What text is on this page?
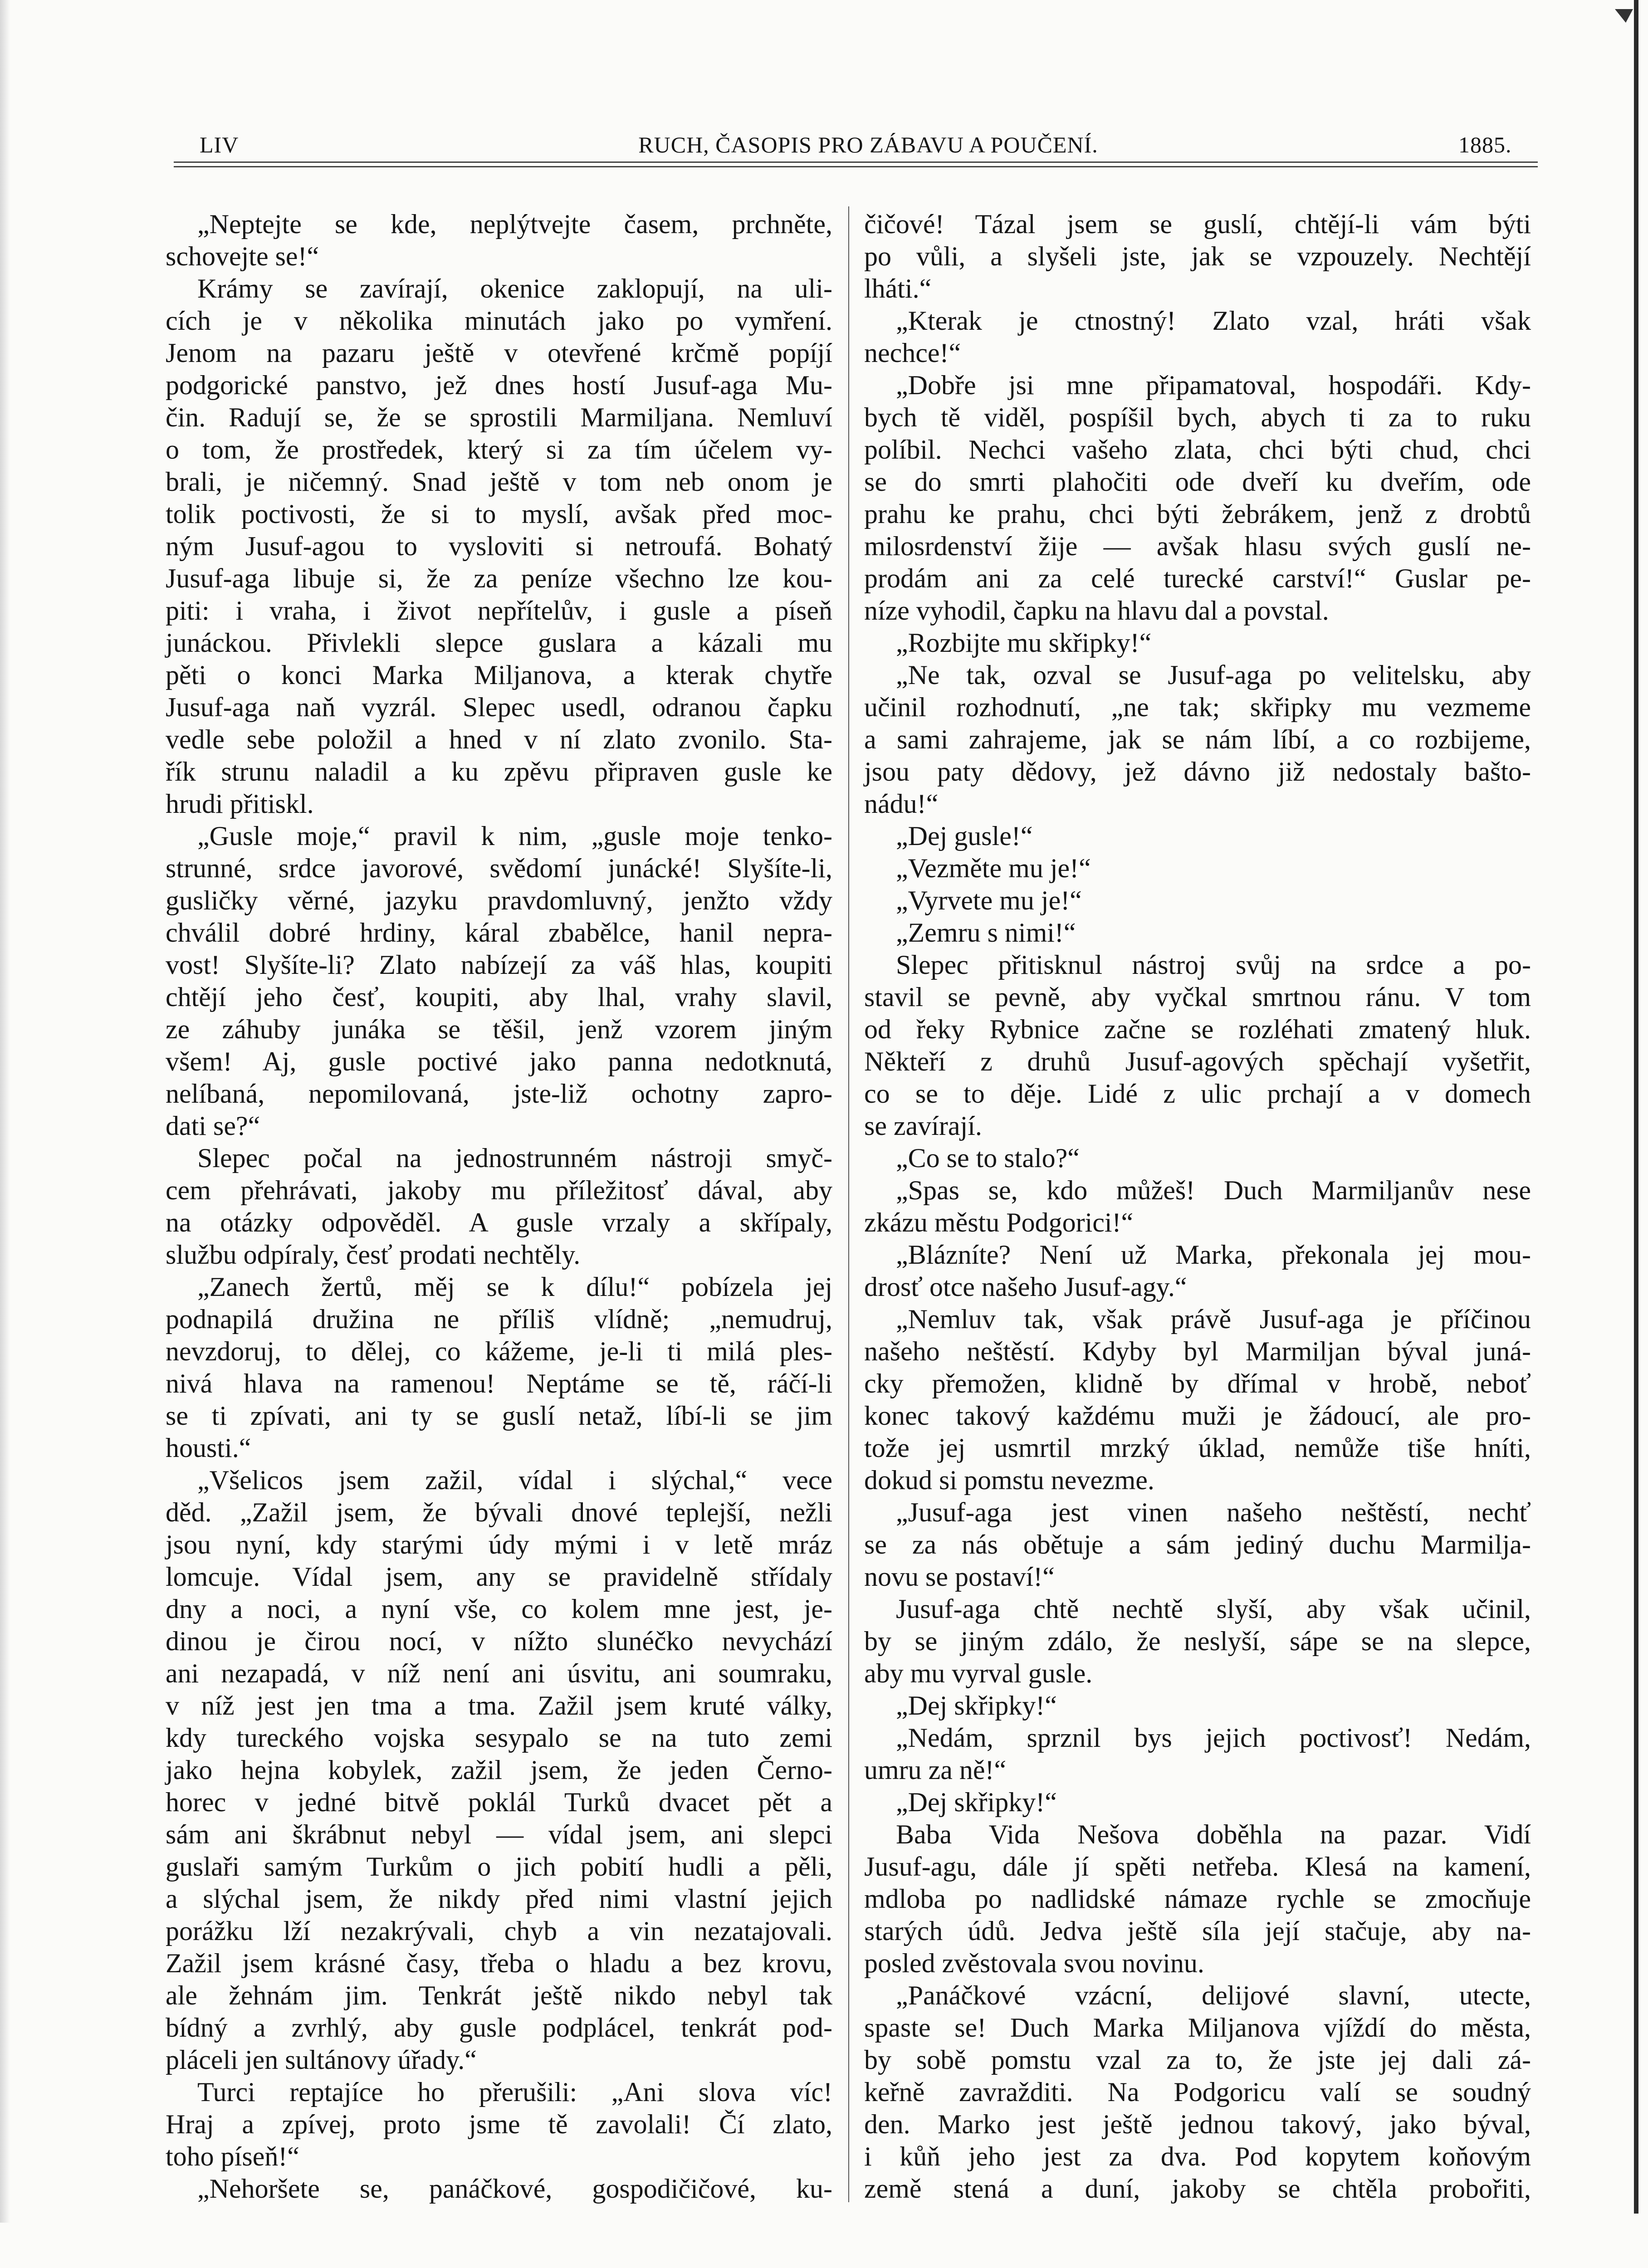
LIV	RUCH, ČASOPIS PRO ZÁBAVU A POUČENÍ.	1885.
„Neptejte se kde, neplýtvejte časem, prchněte,
schovejte se!“
Krámy se zavírají, okenice zaklopují, na uli-
cích je v několika minutách jako po vymření.
Jenom na pazaru ještě v otevřené krčmě popíjí
podgorické panstvo, jež dnes hostí Jusuf-aga Mu-
čin. Radují se, že se sprostili Marmiljana. Nemluví
o tom, že prostředek, který si za tím účelem vy-
brali, je ničemný. Snad ještě v tom neb onom je
tolik poctivosti, že si to myslí, avšak před moc-
ným Jusuf-agou to vysloviti si netroufá. Bohatý
Jusuf-aga libuje si, že za peníze všechno lze kou-
piti: i vraha, i život nepřítelův, i gusle a píseň
junáckou. Přivlekli slepce guslara a kázali mu
pěti o konci Marka Miljanova, a kterak chytře
Jusuf-aga naň vyzrál. Slepec usedl, odranou čapku
vedle sebe položil a hned v ní zlato zvonilo. Sta-
řík strunu naladil a ku zpěvu připraven gusle ke
hrudi přitiskl.
„Gusle moje,“ pravil k nim, „gusle moje tenko-
strunné, srdce javorové, svědomí junácké! Slyšíte-li,
gusličky věrné, jazyku pravdomluvný, jenžto vždy
chválil dobré hrdiny, káral zbabělce, hanil nepra-
vost! Slyšíte-li? Zlato nabízejí za váš hlas, koupiti
chtějí jeho česť, koupiti, aby lhal, vrahy slavil,
ze záhuby junáka se těšil, jenž vzorem jiným
všem! Aj, gusle poctivé jako panna nedotknutá,
nelíbaná, nepomilovaná, jste-liž ochotny zapro-
dati se?“
Slepec počal na jednostrunném nástroji smyč-
cem přehrávati, jakoby mu příležitosť dával, aby
na otázky odpověděl. A gusle vrzaly a skřípaly,
službu odpíraly, česť prodati nechtěly.
„Zanech žertů, měj se k dílu!“ pobízela jej
podnapilá družina ne příliš vlídně; „nemudruj,
nevzdoruj, to dělej, co kážeme, je-li ti milá ples-
nivá hlava na ramenou! Neptáme se tě, ráčí-li
se ti zpívati, ani ty se guslí netaž, líbí-li se jim
housti.“
„Všelicos jsem zažil, vídal i slýchal,“ vece
děd. „Zažil jsem, že bývali dnové teplejší, nežli
jsou nyní, kdy starými údy mými i v letě mráz
lomcuje. Vídal jsem, any se pravidelně střídaly
dny a noci, a nyní vše, co kolem mne jest, je-
dinou je čirou nocí, v nížto slunéčko nevychází
ani nezapadá, v níž není ani úsvitu, ani soumraku,
v níž jest jen tma a tma. Zažil jsem kruté války,
kdy tureckého vojska sesypalo se na tuto zemi
jako hejna kobylek, zažil jsem, že jeden Černo-
horec v jedné bitvě poklál Turků dvacet pět a
sám ani škrábnut nebyl — vídal jsem, ani slepci
guslaři samým Turkům o jich pobití hudli a pěli,
a slýchal jsem, že nikdy před nimi vlastní jejich
porážku lží nezakrývali, chyb a vin nezatajovali.
Zažil jsem krásné časy, třeba o hladu a bez krovu,
ale žehnám jim. Tenkrát ještě nikdo nebyl tak
bídný a zvrhlý, aby gusle podplácel, tenkrát pod-
pláceli jen sultánovy úřady.“
Turci reptajíce ho přerušili: „Ani slova víc!
Hraj a zpívej, proto jsme tě zavolali! Čí zlato,
toho píseň!“
„Nehoršete se, panáčkové, gospodičičové, ku-
čičové! Tázal jsem se guslí, chtějí-li vám býti
po vůli, a slyšeli jste, jak se vzpouzely. Nechtějí
lháti.“
„Kterak je ctnostný! Zlato vzal, hráti však
nechce!“
„Dobře jsi mne připamatoval, hospodáři. Kdy-
bych tě viděl, pospíšil bych, abych ti za to ruku
políbil. Nechci vašeho zlata, chci býti chud, chci
se do smrti plahočiti ode dveří ku dveřím, ode
prahu ke prahu, chci býti žebrákem, jenž z drobtů
milosrdenství žije — avšak hlasu svých guslí ne-
prodám ani za celé turecké carství!“ Guslar pe-
níze vyhodil, čapku na hlavu dal a povstal.
„Rozbijte mu skřipky!“
„Ne tak, ozval se Jusuf-aga po velitelsku, aby
učinil rozhodnutí, „ne tak; skřipky mu vezmeme
a sami zahrajeme, jak se nám líbí, a co rozbijeme,
jsou paty dědovy, jež dávno již nedostaly bašto-
nádu!“
„Dej gusle!“
„Vezměte mu je!“
„Vyrvete mu je!“
„Zemru s nimi!“
Slepec přitisknul nástroj svůj na srdce a po-
stavil se pevně, aby vyčkal smrtnou ránu. V tom
od řeky Rybnice začne se rozléhati zmatený hluk.
Někteří z druhů Jusuf-agových spěchají vyšetřit,
co se to děje. Lidé z ulic prchají a v domech
se zavírají.
„Co se to stalo?“
„Spas se, kdo můžeš! Duch Marmiljanův nese
zkázu městu Podgorici!“
„Blázníte? Není už Marka, překonala jej mou-
drosť otce našeho Jusuf-agy.“
„Nemluv tak, však právě Jusuf-aga je příčinou
našeho neštěstí. Kdyby byl Marmiljan býval juná-
cky přemožen, klidně by dřímal v hrobě, neboť
konec takový každému muži je žádoucí, ale pro-
tože jej usmrtil mrzký úklad, nemůže tiše hníti,
dokud si pomstu nevezme.
„Jusuf-aga jest vinen našeho neštěstí, nechť
se za nás obětuje a sám jediný duchu Marmilja-
novu se postaví!“
Jusuf-aga chtě nechtě slyší, aby však učinil,
by se jiným zdálo, že neslyší, sápe se na slepce,
aby mu vyrval gusle.
„Dej skřipky!“
„Nedám, sprznil bys jejich poctivosť! Nedám,
umru za ně!“
„Dej skřipky!“
Baba Vida Nešova doběhla na pazar. Vidí
Jusuf-agu, dále jí spěti netřeba. Klesá na kamení,
mdloba po nadlidské námaze rychle se zmocňuje
starých údů. Jedva ještě síla její stačuje, aby na-
posled zvěstovala svou novinu.
„Panáčkové vzácní, delijové slavní, utecte,
spaste se! Duch Marka Miljanova vjíždí do města,
by sobě pomstu vzal za to, že jste jej dali zá-
keřně zavražditi. Na Podgoricu valí se soudný
den. Marko jest ještě jednou takový, jako býval,
i kůň jeho jest za dva. Pod kopytem koňovým
země stená a duní, jakoby se chtěla probořiti,
